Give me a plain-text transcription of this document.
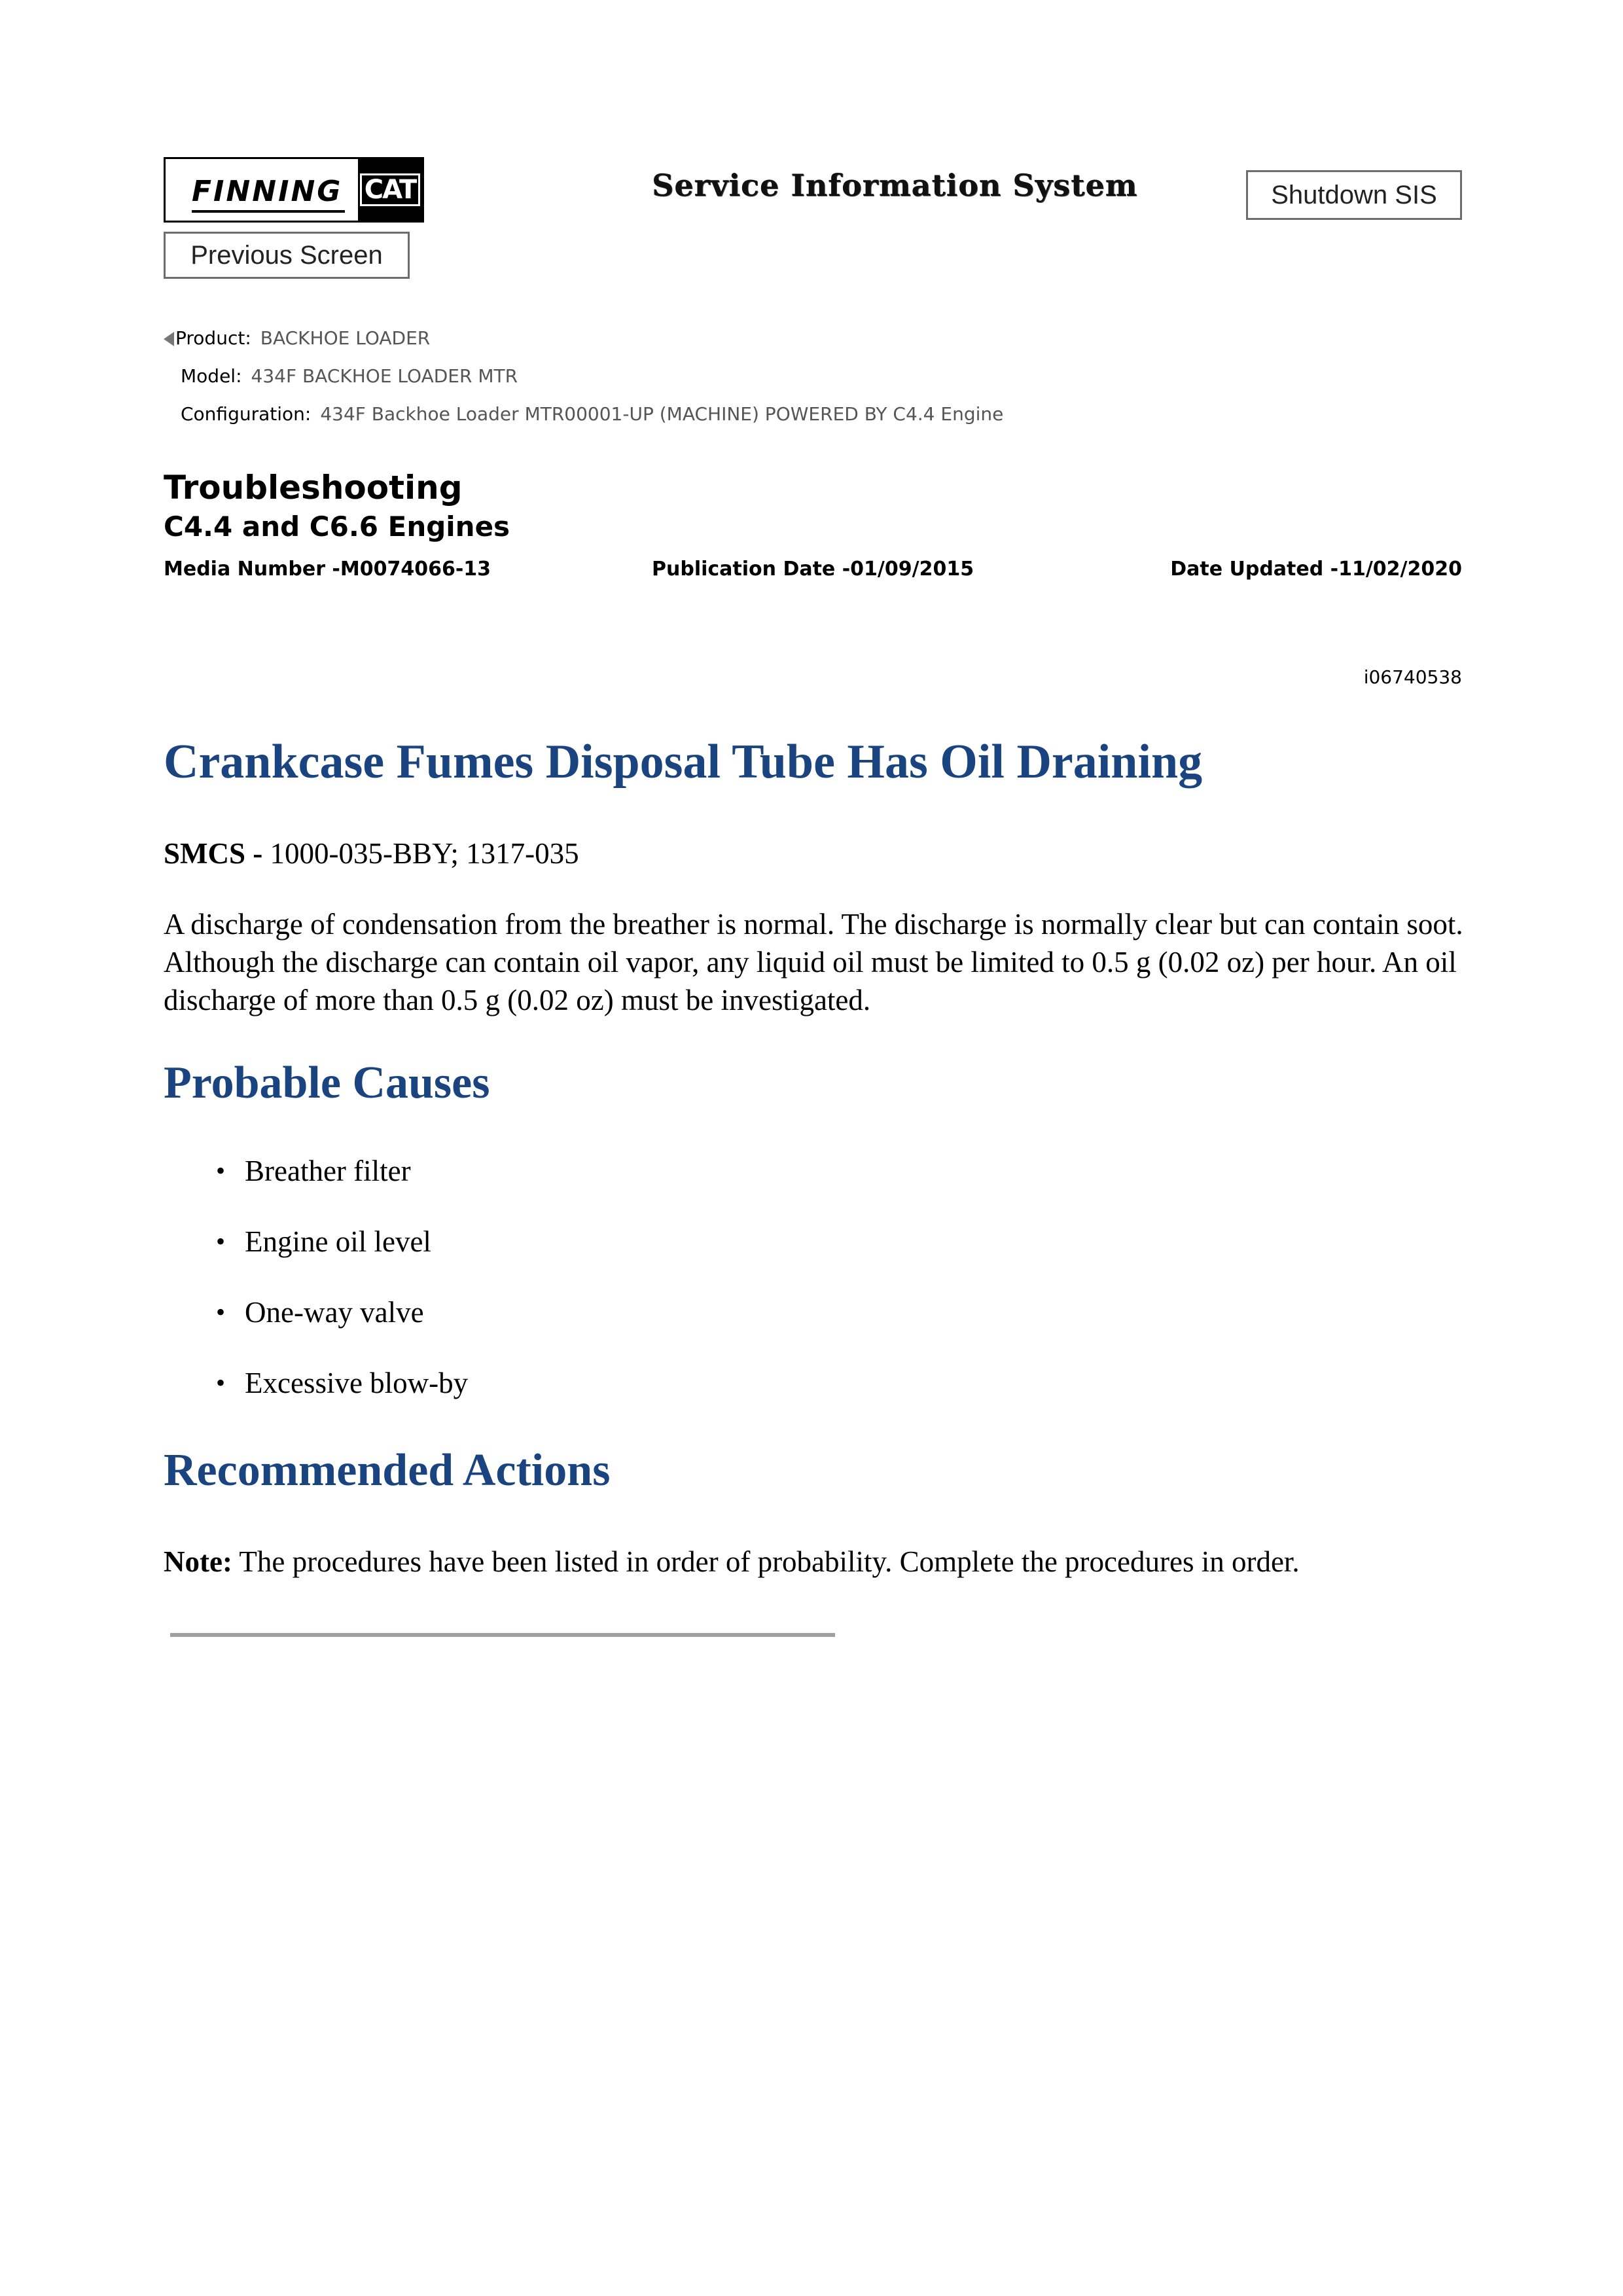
FINNING CAT	Service Information System	Shutdown SIS
Previous Screen
Product: BACKHOE LOADER
Model: 434F BACKHOE LOADER MTR
Configuration: 434F Backhoe Loader MTR00001-UP (MACHINE) POWERED BY C4.4 Engine
Troubleshooting
C4.4 and C6.6 Engines
Media Number -M0074066-13	Publication Date -01/09/2015	Date Updated -11/02/2020
i06740538
Crankcase Fumes Disposal Tube Has Oil Draining

SMCS - 1000-035-BBY; 1317-035

A discharge of condensation from the breather is normal. The discharge is normally clear but can contain soot. Although the discharge can contain oil vapor, any liquid oil must be limited to 0.5 g (0.02 oz) per hour. An oil discharge of more than 0.5 g (0.02 oz) must be investigated.

Probable Causes
• Breather filter
• Engine oil level
• One-way valve
• Excessive blow-by
Recommended Actions

Note: The procedures have been listed in order of probability. Complete the procedures in order.
